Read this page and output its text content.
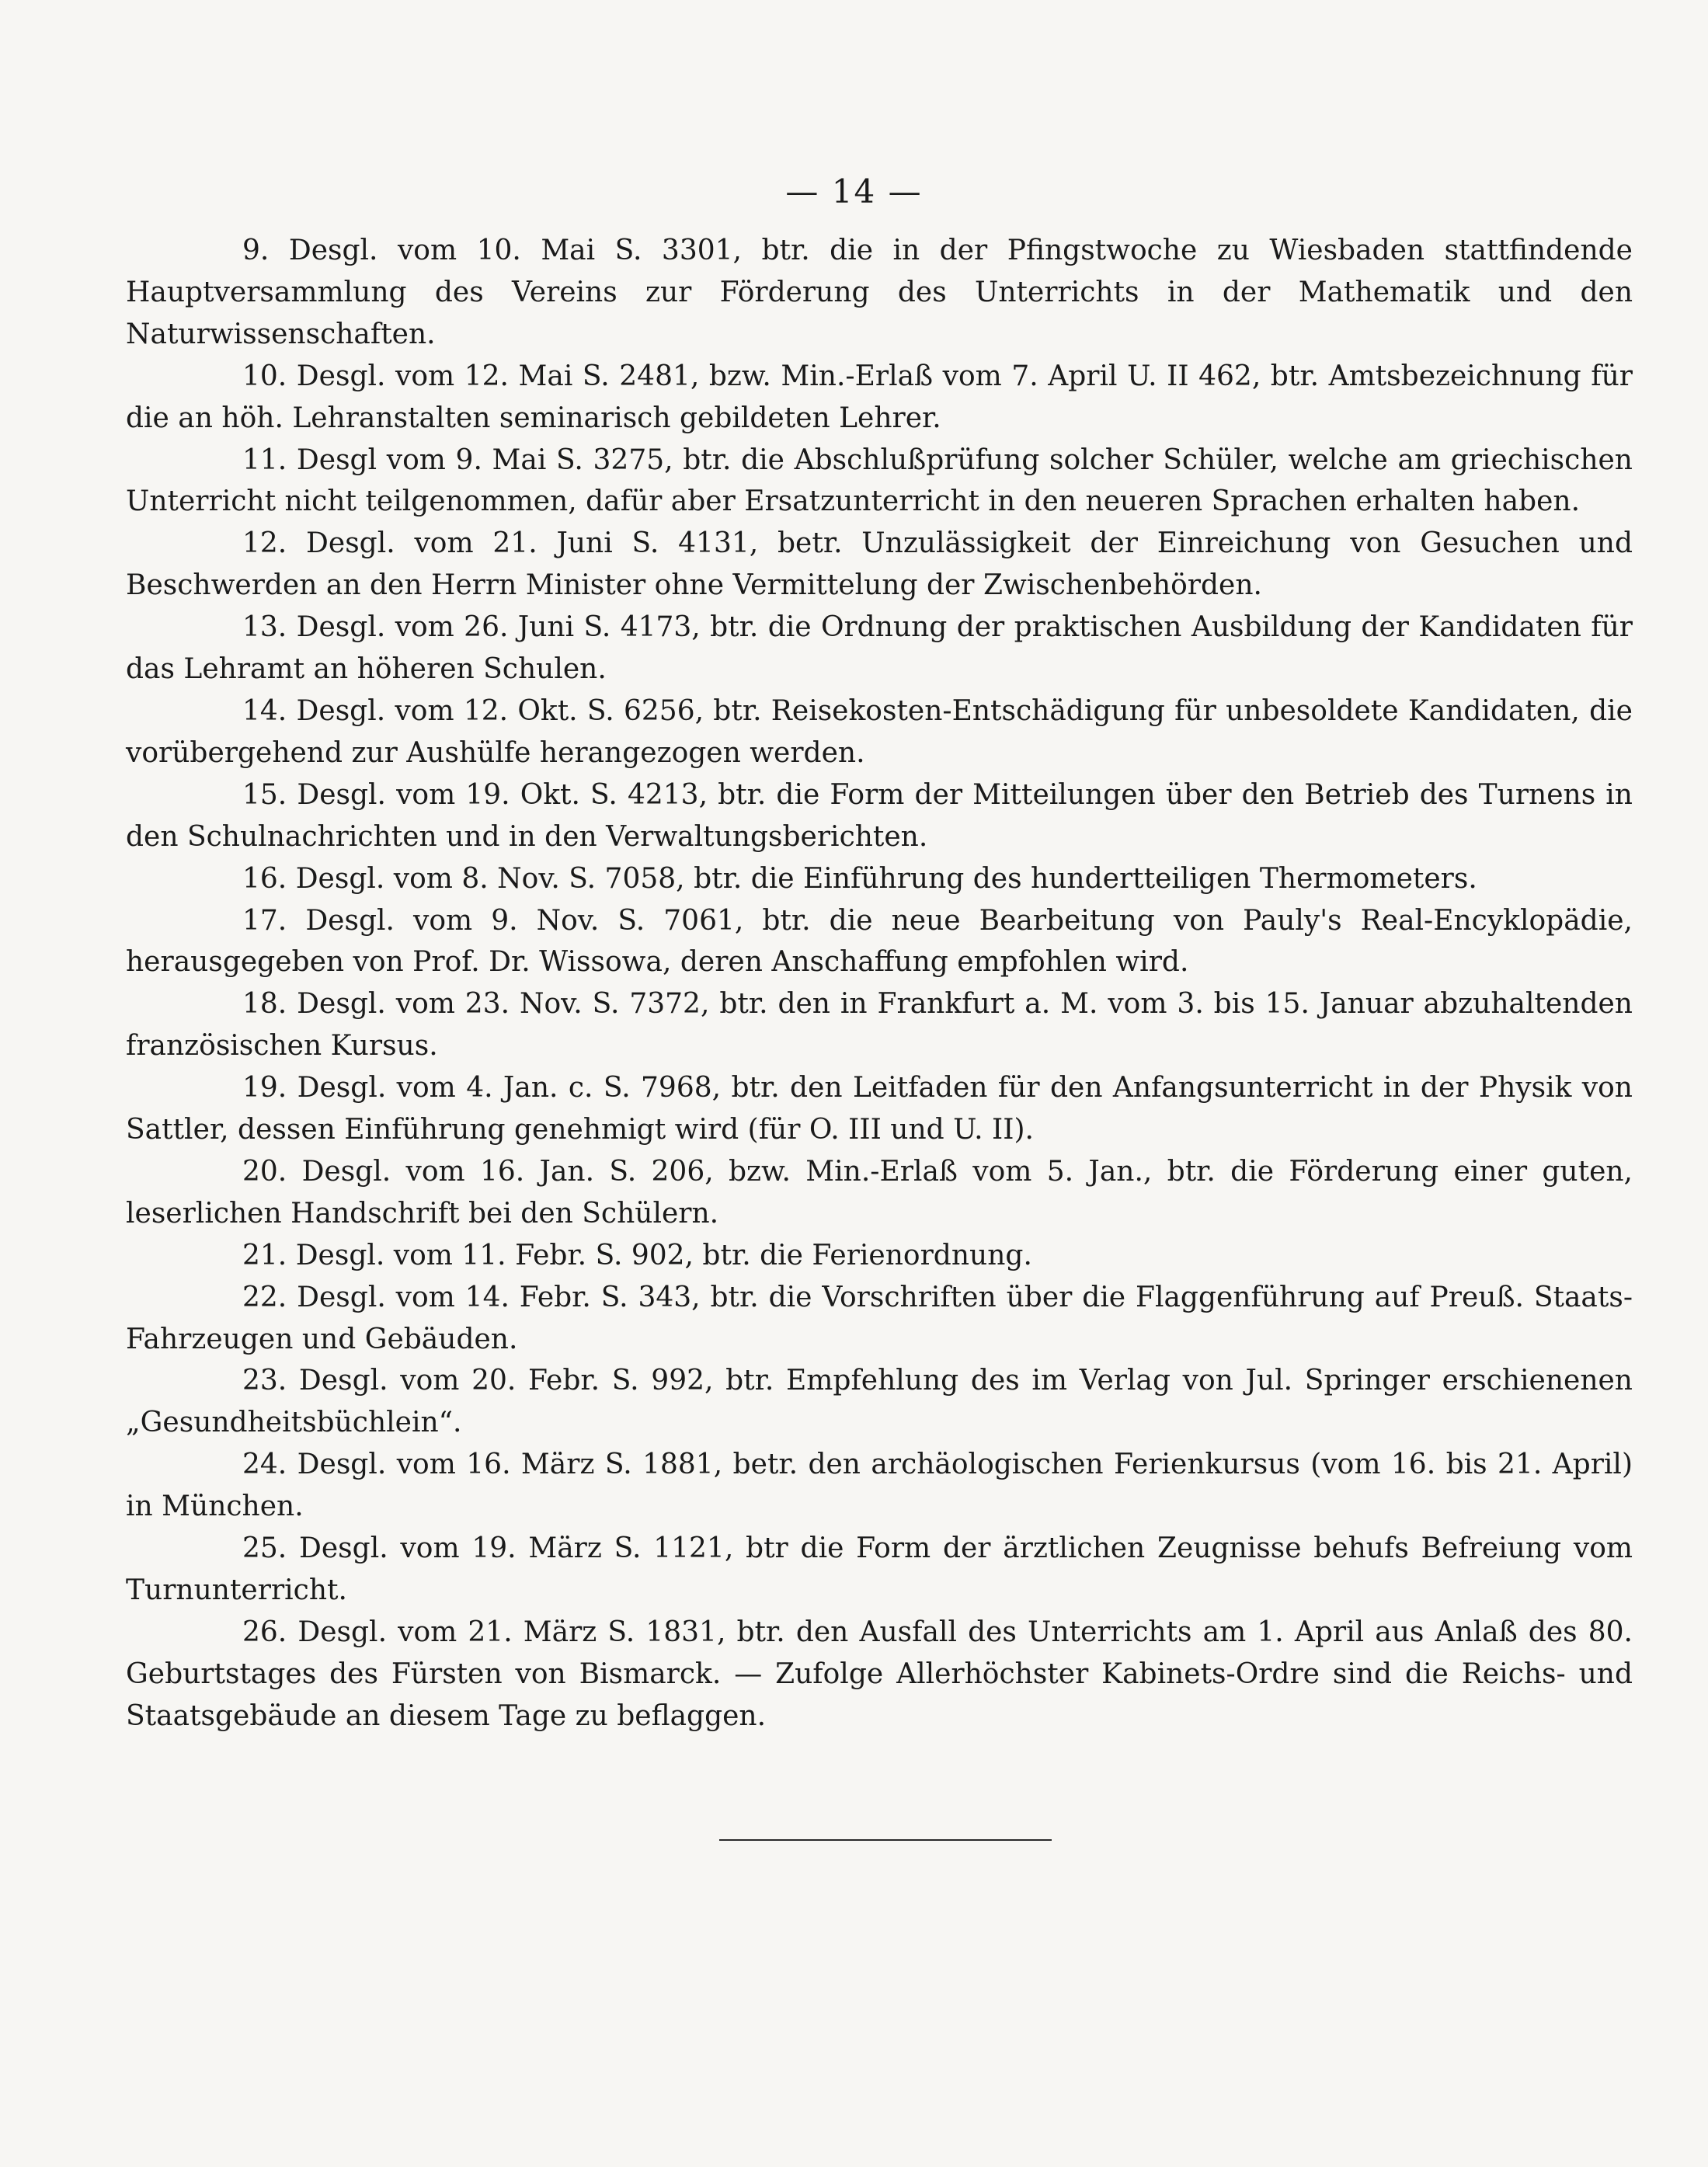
— 14 —

9. Desgl. vom 10. Mai S. 3301, btr. die in der Pfingstwoche zu Wiesbaden stattfindende Hauptversammlung des Vereins zur Förderung des Unterrichts in der Mathematik und den Naturwissenschaften.

10. Desgl. vom 12. Mai S. 2481, bzw. Min.-Erlaß vom 7. April U. II 462, btr. Amtsbezeichnung für die an höh. Lehranstalten seminarisch gebildeten Lehrer.

11. Desgl vom 9. Mai S. 3275, btr. die Abschlußprüfung solcher Schüler, welche am griechischen Unterricht nicht teilgenommen, dafür aber Ersatzunterricht in den neueren Sprachen erhalten haben.

12. Desgl. vom 21. Juni S. 4131, betr. Unzulässigkeit der Einreichung von Gesuchen und Beschwerden an den Herrn Minister ohne Vermittelung der Zwischenbehörden.

13. Desgl. vom 26. Juni S. 4173, btr. die Ordnung der praktischen Ausbildung der Kandidaten für das Lehramt an höheren Schulen.

14. Desgl. vom 12. Okt. S. 6256, btr. Reisekosten-Entschädigung für unbesoldete Kandidaten, die vorübergehend zur Aushülfe herangezogen werden.

15. Desgl. vom 19. Okt. S. 4213, btr. die Form der Mitteilungen über den Betrieb des Turnens in den Schulnachrichten und in den Verwaltungsberichten.

16. Desgl. vom 8. Nov. S. 7058, btr. die Einführung des hundertteiligen Thermometers.

17. Desgl. vom 9. Nov. S. 7061, btr. die neue Bearbeitung von Pauly's Real-Encyklopädie, herausgegeben von Prof. Dr. Wissowa, deren Anschaffung empfohlen wird.

18. Desgl. vom 23. Nov. S. 7372, btr. den in Frankfurt a. M. vom 3. bis 15. Januar abzuhaltenden französischen Kursus.

19. Desgl. vom 4. Jan. c. S. 7968, btr. den Leitfaden für den Anfangsunterricht in der Physik von Sattler, dessen Einführung genehmigt wird (für O. III und U. II).

20. Desgl. vom 16. Jan. S. 206, bzw. Min.-Erlaß vom 5. Jan., btr. die Förderung einer guten, leserlichen Handschrift bei den Schülern.

21. Desgl. vom 11. Febr. S. 902, btr. die Ferienordnung.

22. Desgl. vom 14. Febr. S. 343, btr. die Vorschriften über die Flaggenführung auf Preuß. Staats-Fahrzeugen und Gebäuden.

23. Desgl. vom 20. Febr. S. 992, btr. Empfehlung des im Verlag von Jul. Springer erschienenen „Gesundheitsbüchlein“.

24. Desgl. vom 16. März S. 1881, betr. den archäologischen Ferienkursus (vom 16. bis 21. April) in München.

25. Desgl. vom 19. März S. 1121, btr die Form der ärztlichen Zeugnisse behufs Befreiung vom Turnunterricht.

26. Desgl. vom 21. März S. 1831, btr. den Ausfall des Unterrichts am 1. April aus Anlaß des 80. Geburtstages des Fürsten von Bismarck. — Zufolge Allerhöchster Kabinets-Ordre sind die Reichs- und Staatsgebäude an diesem Tage zu beflaggen.
